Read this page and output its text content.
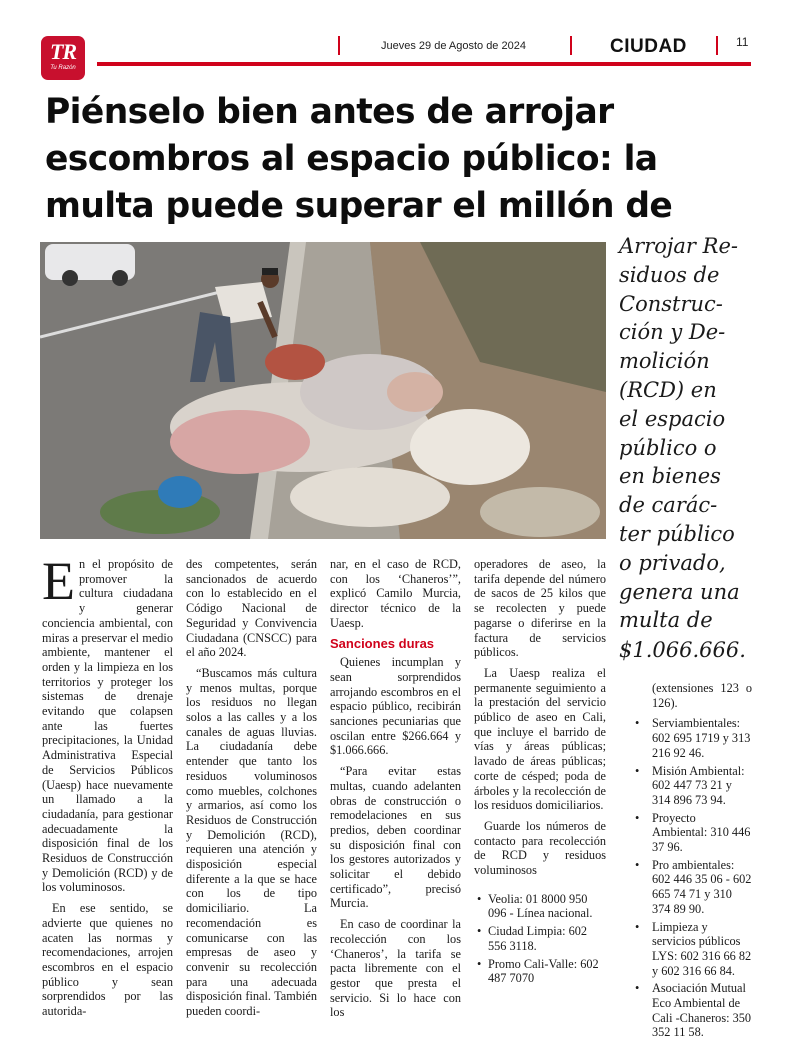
TR
Tu Razón
Jueves 29 de Agosto de 2024	CIUDAD	11
Piénselo bien antes de arrojar escombros al espacio público: la multa puede superar el millón de
Arrojar Re-
siduos de
Construc-
ción y De-
molición
(RCD) en
el espacio
público o
en bienes
de carác-
ter público
o privado,
genera una
multa de
$1.066.666.

En el propósito de promover la cultura ciudadana y generar conciencia ambiental, con miras a preservar el medio ambiente, mantener el orden y la limpieza en los territorios y proteger los sistemas de drenaje evitando que colapsen ante las fuertes precipitaciones, la Unidad Administrativa Especial de Servicios Públicos (Uaesp) hace nuevamente un llamado a la ciudadanía, para gestionar adecuadamente la disposición final de los Residuos de Construcción y Demolición (RCD) y de los voluminosos.

En ese sentido, se advierte que quienes no acaten las normas y recomendaciones, arrojen escombros en el espacio público y sean sorprendidos por las autorida-

des competentes, serán sancionados de acuerdo con lo establecido en el Código Nacional de Seguridad y Convivencia Ciudadana (CNSCC) para el año 2024.

“Buscamos más cultura y menos multas, porque los residuos no llegan solos a las calles y a los canales de aguas lluvias. La ciudadanía debe entender que tanto los residuos voluminosos como muebles, colchones y armarios, así como los Residuos de Construcción y Demolición (RCD), requieren una atención y disposición especial diferente a la que se hace con los de tipo domiciliario. La recomendación es comunicarse con las empresas de aseo y convenir su recolección para una adecuada disposición final. También pueden coordi-

nar, en el caso de RCD, con los ‘Chaneros’”, explicó Camilo Murcia, director técnico de la Uaesp.

Sanciones duras

Quienes incumplan y sean sorprendidos arrojando escombros en el espacio público, recibirán sanciones pecuniarias que oscilan entre $266.664 y $1.066.666.

“Para evitar estas multas, cuando adelanten obras de construcción o remodelaciones en sus predios, deben coordinar su disposición final con los gestores autorizados y solicitar el debido certificado”, precisó Murcia.

En caso de coordinar la recolección con los ‘Chaneros’, la tarifa se pacta libremente con el gestor que presta el servicio. Si lo hace con los

operadores de aseo, la tarifa depende del número de sacos de 25 kilos que se recolecten y puede pagarse o diferirse en la factura de servicios públicos.

La Uaesp realiza el permanente seguimiento a la prestación del servicio público de aseo en Cali, que incluye el barrido de vías y áreas públicas; lavado de áreas públicas; corte de césped; poda de árboles y la recolección de los residuos domiciliarios.

Guarde los números de contacto para recolección de RCD y residuos voluminosos

• Veolia: 01 8000 950 096 - Línea nacional.
• Ciudad Limpia: 602 556 3118.
• Promo Cali-Valle: 602 487 7070

(extensiones 123 o 126).

• Serviambientales: 602 695 1719 y 313 216 92 46.
• Misión Ambiental: 602 447 73 21 y 314 896 73 94.
• Proyecto Ambiental: 310 446 37 96.
• Pro ambientales: 602 446 35 06 - 602 665 74 71 y 310 374 89 90.
• Limpieza y servicios públicos LYS: 602 316 66 82 y 602 316 66 84.
• Asociación Mutual Eco Ambiental de Cali -Chaneros: 350 352 11 58.
